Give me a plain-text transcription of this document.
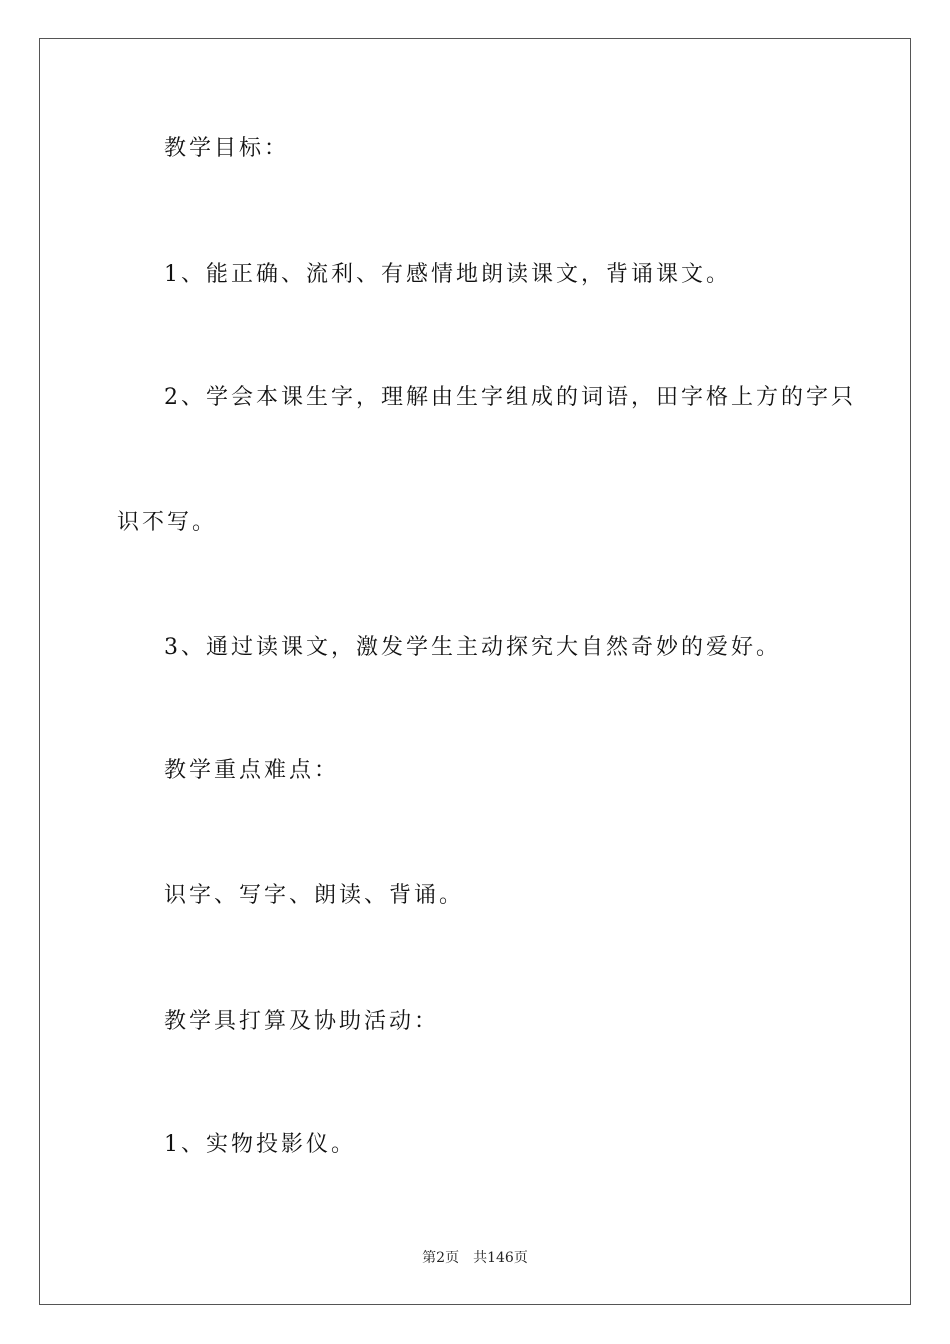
教学目标：
1、能正确、流利、有感情地朗读课文，背诵课文。
2、学会本课生字，理解由生字组成的词语，田字格上方的字只
识不写。
3、通过读课文，激发学生主动探究大自然奇妙的爱好。
教学重点难点：
识字、写字、朗读、背诵。
教学具打算及协助活动：
1、实物投影仪。
第2页 共146页
